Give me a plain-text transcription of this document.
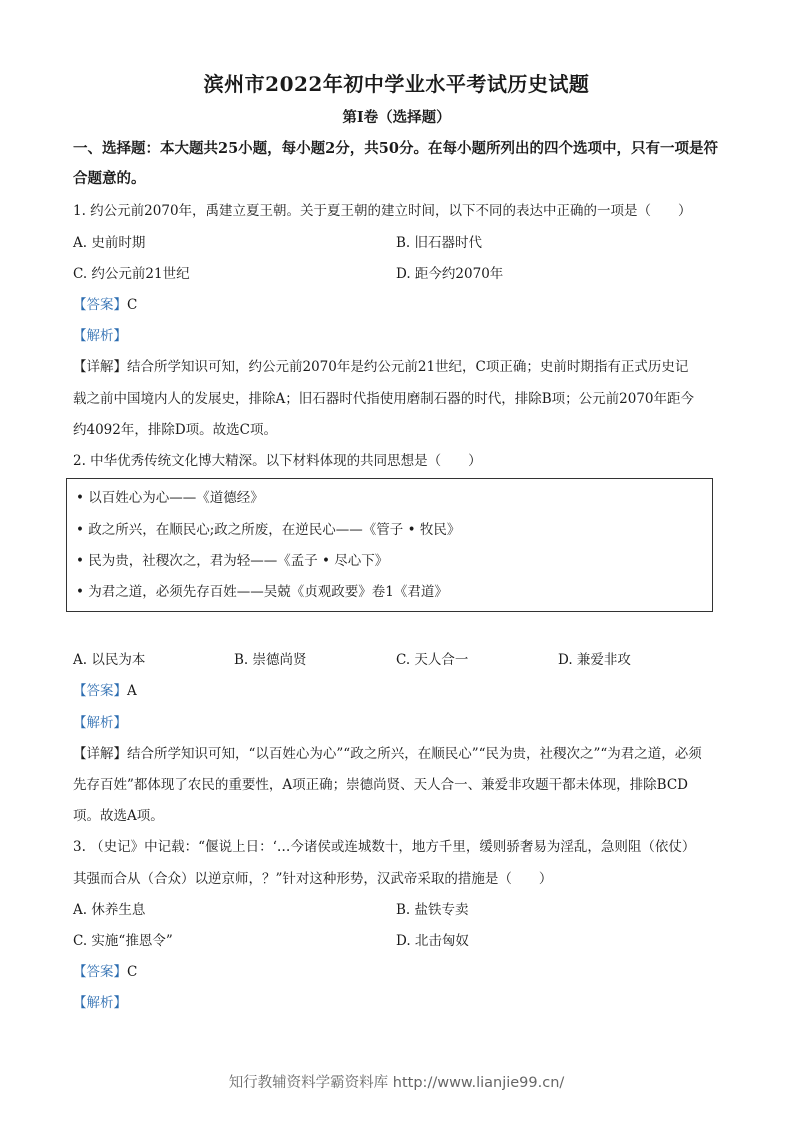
滨州市2022年初中学业水平考试历史试题
第I卷（选择题）
一、选择题：本大题共25小题，每小题2分，共50分。在每小题所列出的四个选项中，只有一项是符合题意的。
1. 约公元前2070年，禹建立夏王朝。关于夏王朝的建立时间，以下不同的表达中正确的一项是（　　）
A. 史前时期	B. 旧石器时代
C. 约公元前21世纪	D. 距今约2070年
【答案】C
【解析】
【详解】结合所学知识可知，约公元前2070年是约公元前21世纪，C项正确；史前时期指有正式历史记
载之前中国境内人的发展史，排除A；旧石器时代指使用磨制石器的时代，排除B项；公元前2070年距今
约4092年，排除D项。故选C项。
2. 中华优秀传统文化博大精深。以下材料体现的共同思想是（　　）
• 以百姓心为心——《道德经》
• 政之所兴，在顺民心;政之所废，在逆民心——《管子 • 牧民》
• 民为贵，社稷次之，君为轻——《孟子 • 尽心下》
• 为君之道，必须先存百姓——吴兢《贞观政要》卷1《君道》
A. 以民为本	B. 崇德尚贤	C. 天人合一	D. 兼爱非攻
【答案】A
【解析】
【详解】结合所学知识可知，“以百姓心为心”“政之所兴，在顺民心”“民为贵，社稷次之”“为君之道，必须
先存百姓”都体现了农民的重要性，A项正确；崇德尚贤、天人合一、兼爱非攻题干都未体现，排除BCD
项。故选A项。
3. （史记》中记载：“偃说上日：‘…今诸侯或连城数十，地方千里，缓则骄奢易为淫乱，急则阻（依仗）
其强而合从（合众）以逆京师，？”针对这种形势，汉武帝采取的措施是（　　）
A. 休养生息	B. 盐铁专卖
C. 实施“推恩令”	D. 北击匈奴
【答案】C
【解析】
知行教辅资料学霸资料库 http://www.lianjie99.cn/
